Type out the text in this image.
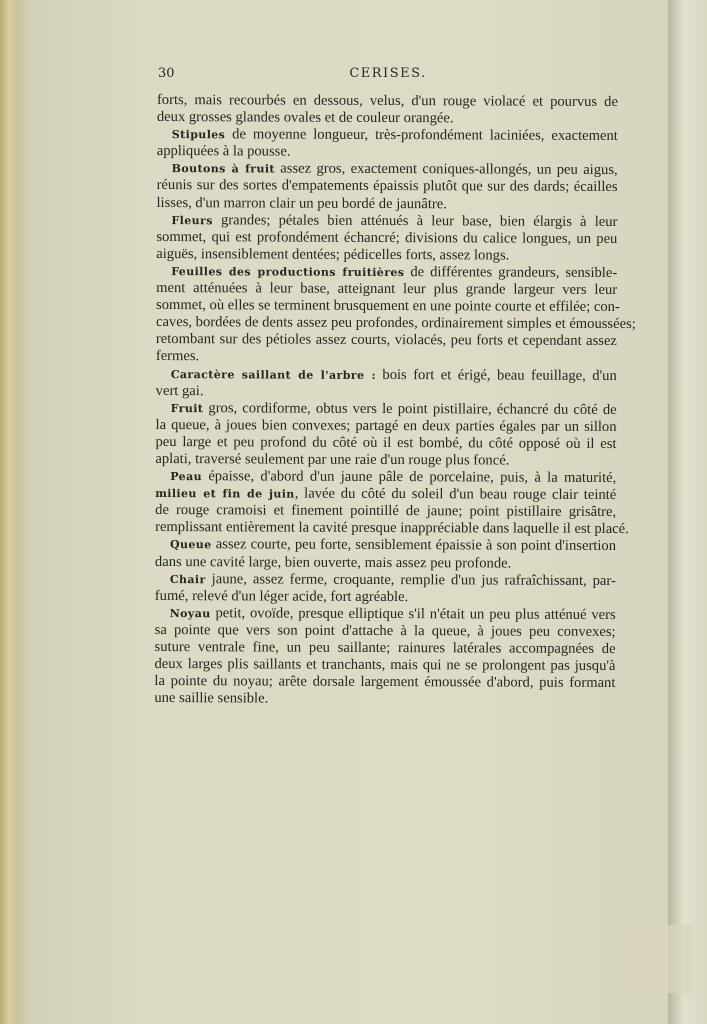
30	CERISES.
forts, mais recourbés en dessous, velus, d'un rouge violacé et pourvus de
deux grosses glandes ovales et de couleur orangée.
Stipules de moyenne longueur, très-profondément laciniées, exactement
appliquées à la pousse.
Boutons à fruit assez gros, exactement coniques-allongés, un peu aigus,
réunis sur des sortes d'empatements épaissis plutôt que sur des dards; écailles
lisses, d'un marron clair un peu bordé de jaunâtre.
Fleurs grandes; pétales bien atténués à leur base, bien élargis à leur
sommet, qui est profondément échancré; divisions du calice longues, un peu
aiguës, insensiblement dentées; pédicelles forts, assez longs.
Feuilles des productions fruitières de différentes grandeurs, sensible-
ment atténuées à leur base, atteignant leur plus grande largeur vers leur
sommet, où elles se terminent brusquement en une pointe courte et effilée; con-
caves, bordées de dents assez peu profondes, ordinairement simples et émoussées;
retombant sur des pétioles assez courts, violacés, peu forts et cependant assez
fermes.
Caractère saillant de l'arbre : bois fort et érigé, beau feuillage, d'un
vert gai.
Fruit gros, cordiforme, obtus vers le point pistillaire, échancré du côté de
la queue, à joues bien convexes; partagé en deux parties égales par un sillon
peu large et peu profond du côté où il est bombé, du côté opposé où il est
aplati, traversé seulement par une raie d'un rouge plus foncé.
Peau épaisse, d'abord d'un jaune pâle de porcelaine, puis, à la maturité,
milieu et fin de juin, lavée du côté du soleil d'un beau rouge clair teinté
de rouge cramoisi et finement pointillé de jaune; point pistillaire grisâtre,
remplissant entièrement la cavité presque inappréciable dans laquelle il est placé.
Queue assez courte, peu forte, sensiblement épaissie à son point d'insertion
dans une cavité large, bien ouverte, mais assez peu profonde.
Chair jaune, assez ferme, croquante, remplie d'un jus rafraîchissant, par-
fumé, relevé d'un léger acide, fort agréable.
Noyau petit, ovoïde, presque elliptique s'il n'était un peu plus atténué vers
sa pointe que vers son point d'attache à la queue, à joues peu convexes;
suture ventrale fine, un peu saillante; rainures latérales accompagnées de
deux larges plis saillants et tranchants, mais qui ne se prolongent pas jusqu'à
la pointe du noyau; arête dorsale largement émoussée d'abord, puis formant
une saillie sensible.
